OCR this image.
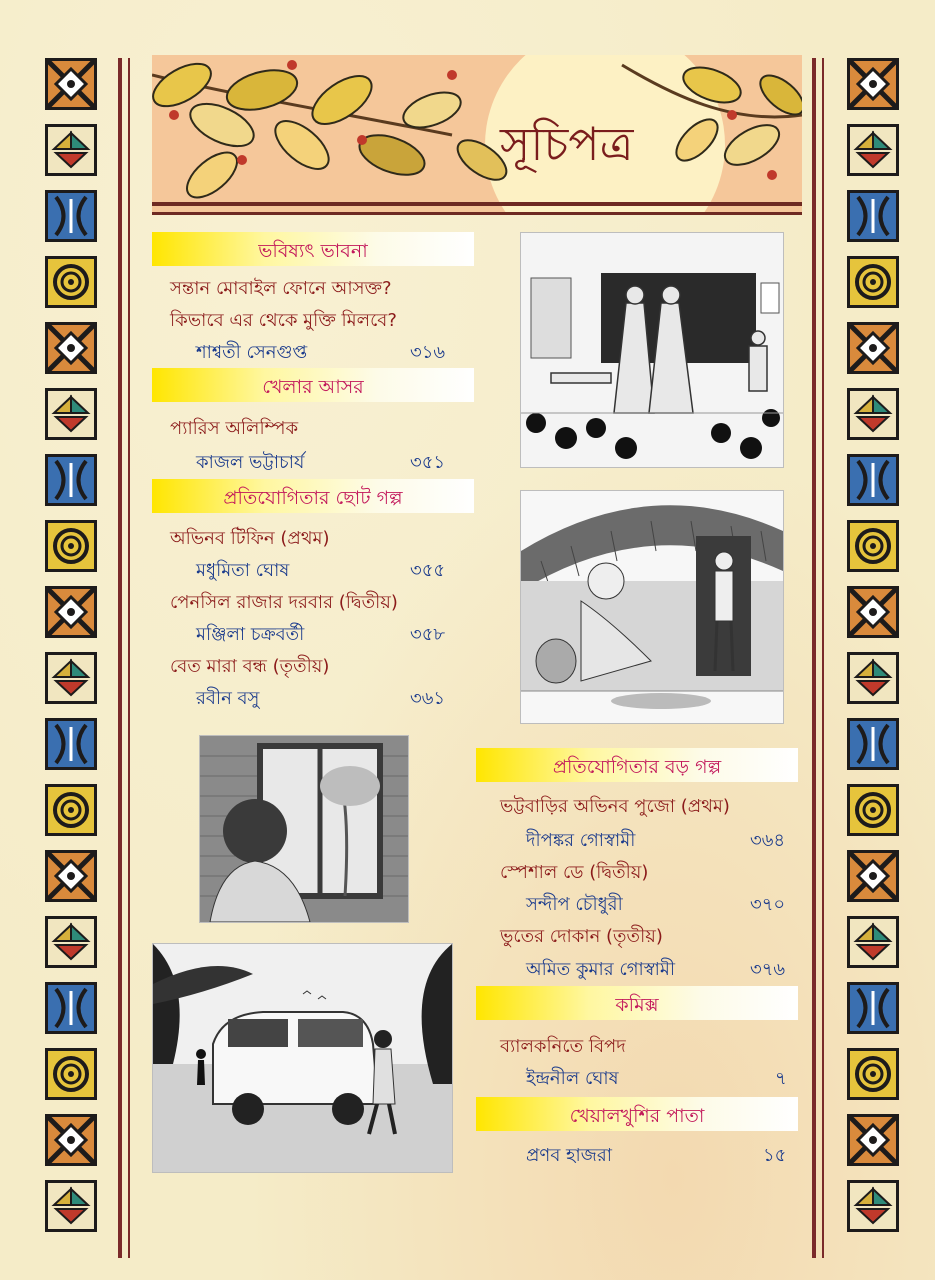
সূচিপত্র
ভবিষ্যৎ ভাবনা
সন্তান মোবাইল ফোনে আসক্ত?
কিভাবে এর থেকে মুক্তি মিলবে?
শাশ্বতী সেনগুপ্ত	৩১৬
খেলার আসর
প্যারিস অলিম্পিক
কাজল ভট্টাচার্য	৩৫১
প্রতিযোগিতার ছোট গল্প
অভিনব টিফিন (প্রথম)
মধুমিতা ঘোষ	৩৫৫
পেনসিল রাজার দরবার (দ্বিতীয়)
মঞ্জিলা চক্রবর্তী	৩৫৮
বেত মারা বন্ধ (তৃতীয়)
রবীন বসু	৩৬১
প্রতিযোগিতার বড় গল্প
ভট্টবাড়ির অভিনব পুজো (প্রথম)
দীপঙ্কর গোস্বামী	৩৬৪
স্পেশাল ডে (দ্বিতীয়)
সন্দীপ চৌধুরী	৩৭০
ভুতের দোকান (তৃতীয়)
অমিত কুমার গোস্বামী	৩৭৬
কমিক্স
ব্যালকনিতে বিপদ
ইন্দ্রনীল ঘোষ	৭
খেয়ালখুশির পাতা
প্রণব হাজরা	১৫
